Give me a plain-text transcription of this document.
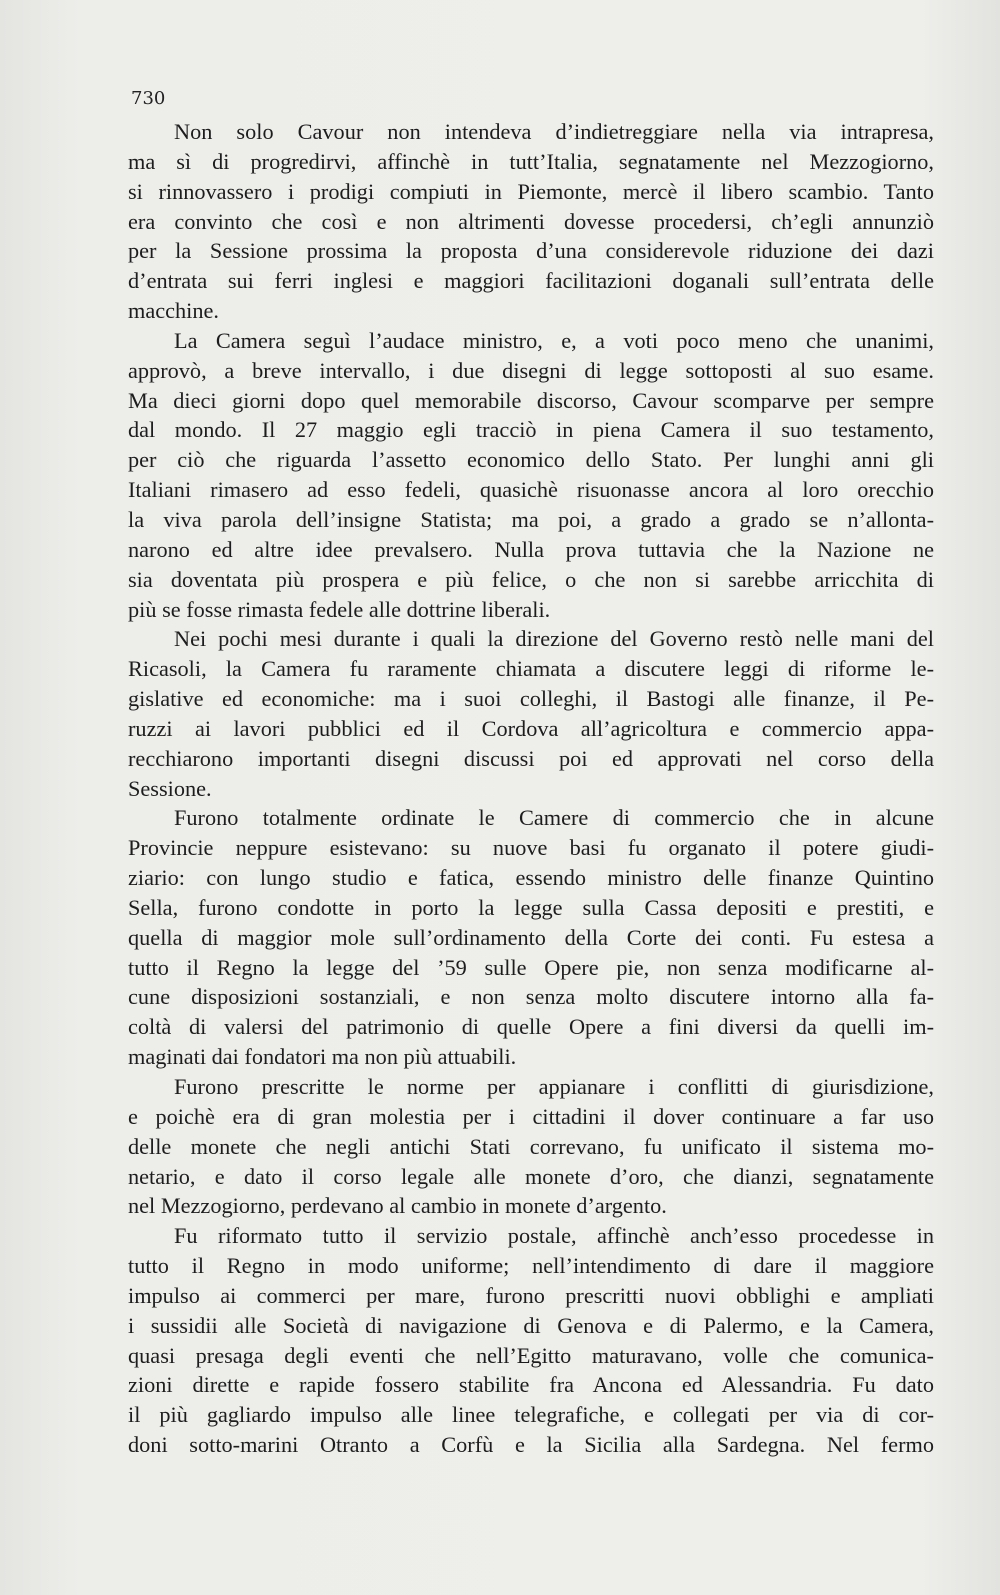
730
Non solo Cavour non intendeva d’indietreggiare nella via intrapresa,
ma sì di progredirvi, affinchè in tutt’Italia, segnatamente nel Mezzogiorno,
si rinnovassero i prodigi compiuti in Piemonte, mercè il libero scambio. Tanto
era convinto che così e non altrimenti dovesse procedersi, ch’egli annunziò
per la Sessione prossima la proposta d’una considerevole riduzione dei dazi
d’entrata sui ferri inglesi e maggiori facilitazioni doganali sull’entrata delle
macchine.
La Camera seguì l’audace ministro, e, a voti poco meno che unanimi,
approvò, a breve intervallo, i due disegni di legge sottoposti al suo esame.
Ma dieci giorni dopo quel memorabile discorso, Cavour scomparve per sempre
dal mondo. Il 27 maggio egli tracciò in piena Camera il suo testamento,
per ciò che riguarda l’assetto economico dello Stato. Per lunghi anni gli
Italiani rimasero ad esso fedeli, quasichè risuonasse ancora al loro orecchio
la viva parola dell’insigne Statista; ma poi, a grado a grado se n’allonta-
narono ed altre idee prevalsero. Nulla prova tuttavia che la Nazione ne
sia doventata più prospera e più felice, o che non si sarebbe arricchita di
più se fosse rimasta fedele alle dottrine liberali.
Nei pochi mesi durante i quali la direzione del Governo restò nelle mani del
Ricasoli, la Camera fu raramente chiamata a discutere leggi di riforme le-
gislative ed economiche: ma i suoi colleghi, il Bastogi alle finanze, il Pe-
ruzzi ai lavori pubblici ed il Cordova all’agricoltura e commercio appa-
recchiarono importanti disegni discussi poi ed approvati nel corso della
Sessione.
Furono totalmente ordinate le Camere di commercio che in alcune
Provincie neppure esistevano: su nuove basi fu organato il potere giudi-
ziario: con lungo studio e fatica, essendo ministro delle finanze Quintino
Sella, furono condotte in porto la legge sulla Cassa depositi e prestiti, e
quella di maggior mole sull’ordinamento della Corte dei conti. Fu estesa a
tutto il Regno la legge del ’59 sulle Opere pie, non senza modificarne al-
cune disposizioni sostanziali, e non senza molto discutere intorno alla fa-
coltà di valersi del patrimonio di quelle Opere a fini diversi da quelli im-
maginati dai fondatori ma non più attuabili.
Furono prescritte le norme per appianare i conflitti di giurisdizione,
e poichè era di gran molestia per i cittadini il dover continuare a far uso
delle monete che negli antichi Stati correvano, fu unificato il sistema mo-
netario, e dato il corso legale alle monete d’oro, che dianzi, segnatamente
nel Mezzogiorno, perdevano al cambio in monete d’argento.
Fu riformato tutto il servizio postale, affinchè anch’esso procedesse in
tutto il Regno in modo uniforme; nell’intendimento di dare il maggiore
impulso ai commerci per mare, furono prescritti nuovi obblighi e ampliati
i sussidii alle Società di navigazione di Genova e di Palermo, e la Camera,
quasi presaga degli eventi che nell’Egitto maturavano, volle che comunica-
zioni dirette e rapide fossero stabilite fra Ancona ed Alessandria. Fu dato
il più gagliardo impulso alle linee telegrafiche, e collegati per via di cor-
doni sotto-marini Otranto a Corfù e la Sicilia alla Sardegna. Nel fermo
